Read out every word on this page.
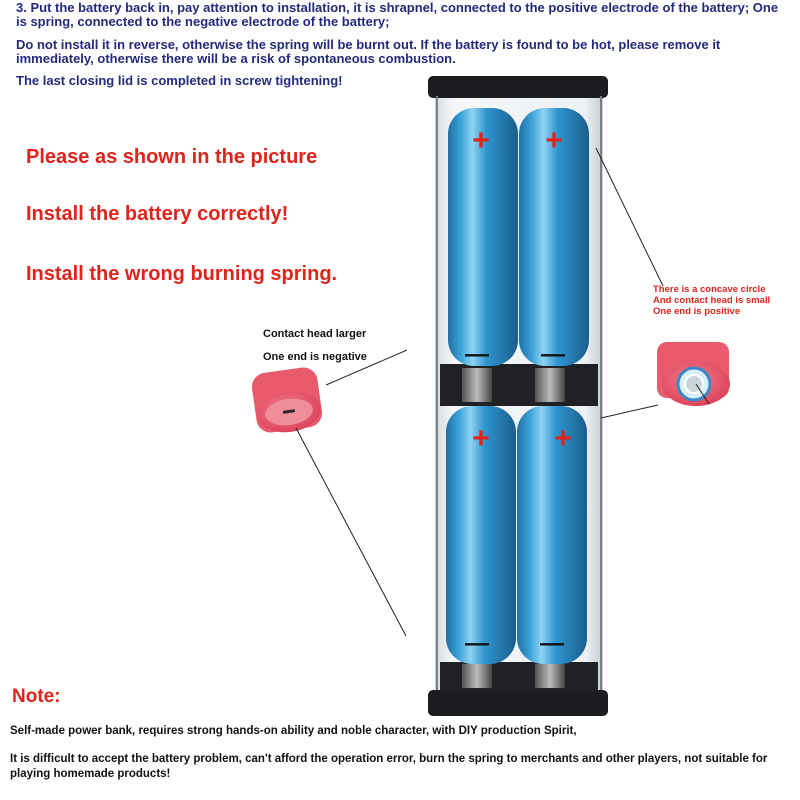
3. Put the battery back in, pay attention to installation, it is shrapnel, connected to the positive electrode of the battery; One is spring, connected to the negative electrode of the battery;

Do not install it in reverse, otherwise the spring will be burnt out. If the battery is found to be hot, please remove it immediately, otherwise there will be a risk of spontaneous combustion.

The last closing lid is completed in screw tightening!

Please as shown in the picture

Install the battery correctly!

Install the wrong burning spring.

+ +
+ +
— —
— —

Contact head larger

One end is negative

There is a concave circle

And contact head is small

One end is positive

Note:

Self-made power bank, requires strong hands-on ability and noble character, with DIY production Spirit,

It is difficult to accept the battery problem, can't afford the operation error, burn the spring to merchants and other players, not suitable for playing homemade products!
